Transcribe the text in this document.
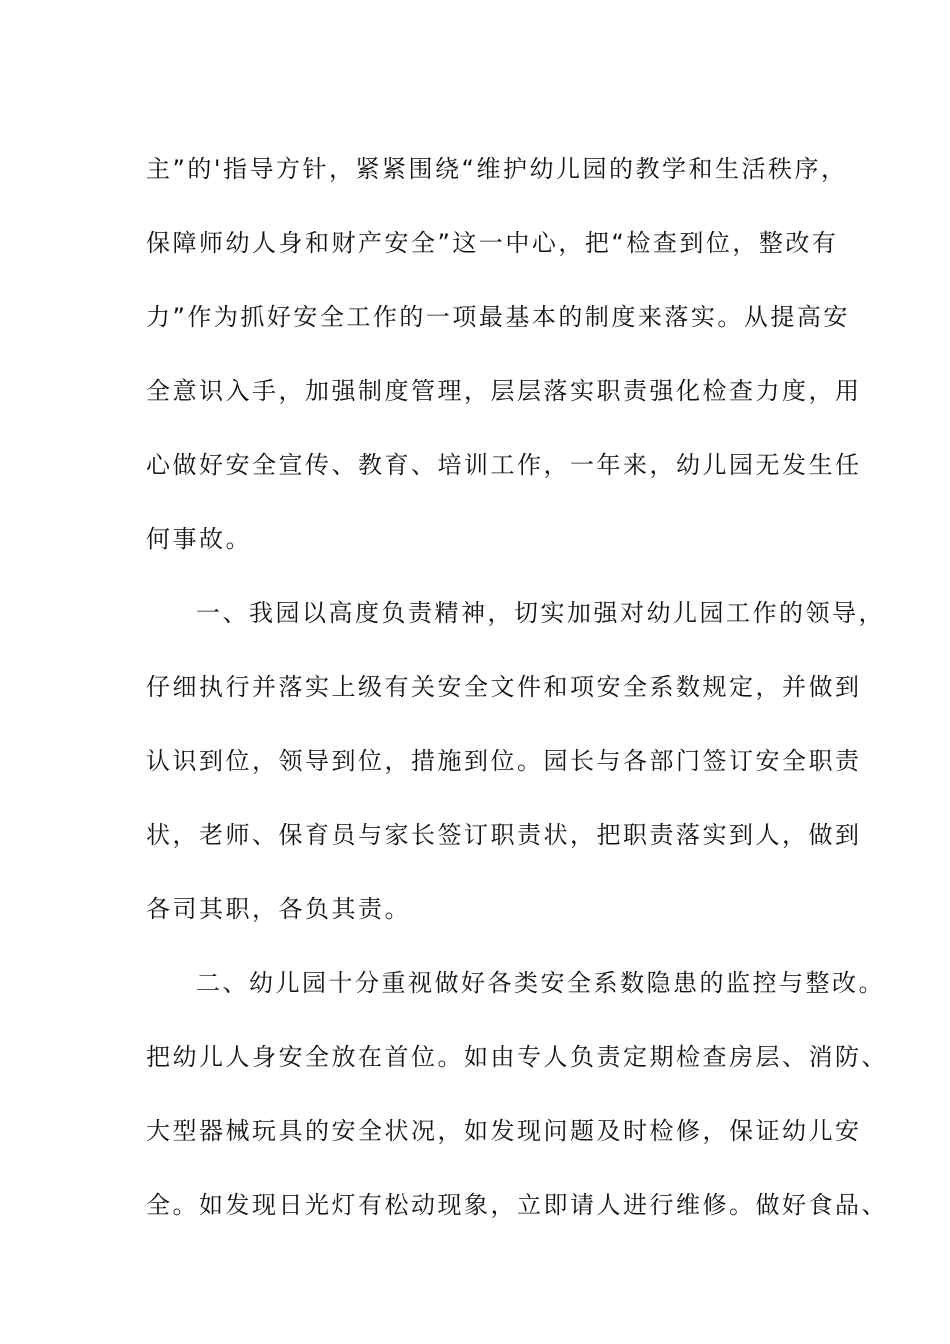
主”的'指导方针，紧紧围绕“维护幼儿园的教学和生活秩序，
保障师幼人身和财产安全”这一中心，把“检查到位，整改有
力”作为抓好安全工作的一项最基本的制度来落实。从提高安
全意识入手，加强制度管理，层层落实职责强化检查力度，用
心做好安全宣传、教育、培训工作，一年来，幼儿园无发生任
何事故。
一、我园以高度负责精神，切实加强对幼儿园工作的领导，
仔细执行并落实上级有关安全文件和项安全系数规定，并做到
认识到位，领导到位，措施到位。园长与各部门签订安全职责
状，老师、保育员与家长签订职责状，把职责落实到人，做到
各司其职，各负其责。
二、幼儿园十分重视做好各类安全系数隐患的监控与整改。
把幼儿人身安全放在首位。如由专人负责定期检查房层、消防、
大型器械玩具的安全状况，如发现问题及时检修，保证幼儿安
全。如发现日光灯有松动现象，立即请人进行维修。做好食品、
